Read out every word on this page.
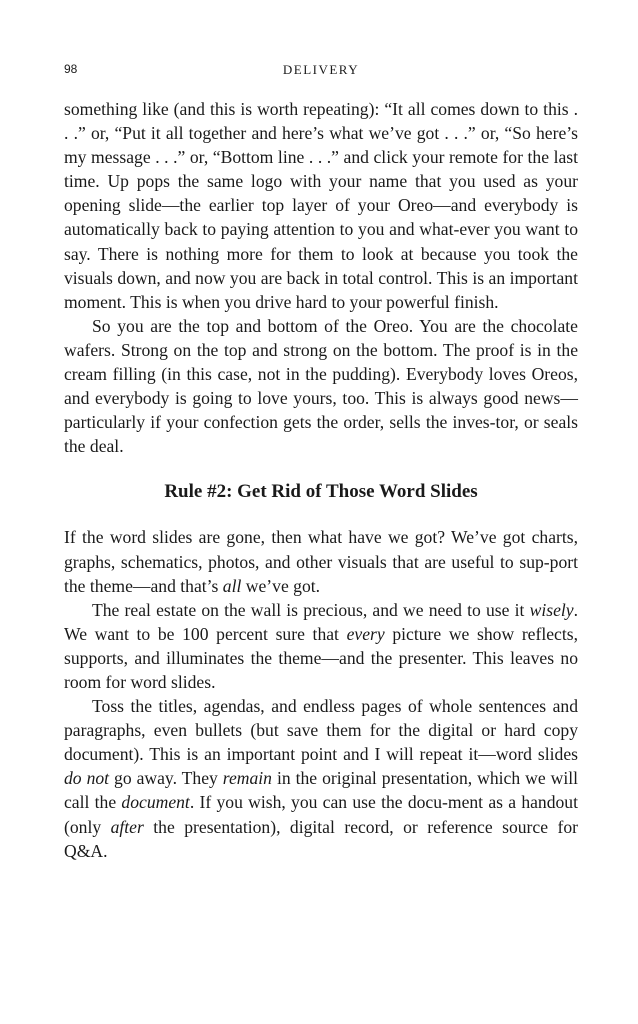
98	DELIVERY

something like (and this is worth repeating): “It all comes down to this . . .” or, “Put it all together and here’s what we’ve got . . .” or, “So here’s my message . . .” or, “Bottom line . . .” and click your remote for the last time. Up pops the same logo with your name that you used as your opening slide—the earlier top layer of your Oreo—and everybody is automatically back to paying attention to you and what-ever you want to say. There is nothing more for them to look at because you took the visuals down, and now you are back in total control. This is an important moment. This is when you drive hard to your powerful finish.

So you are the top and bottom of the Oreo. You are the chocolate wafers. Strong on the top and strong on the bottom. The proof is in the cream filling (in this case, not in the pudding). Everybody loves Oreos, and everybody is going to love yours, too. This is always good news—particularly if your confection gets the order, sells the inves-tor, or seals the deal.

Rule #2: Get Rid of Those Word Slides

If the word slides are gone, then what have we got? We’ve got charts, graphs, schematics, photos, and other visuals that are useful to sup-port the theme—and that’s all we’ve got.

The real estate on the wall is precious, and we need to use it wisely. We want to be 100 percent sure that every picture we show reflects, supports, and illuminates the theme—and the presenter. This leaves no room for word slides.

Toss the titles, agendas, and endless pages of whole sentences and paragraphs, even bullets (but save them for the digital or hard copy document). This is an important point and I will repeat it—word slides do not go away. They remain in the original presentation, which we will call the document. If you wish, you can use the docu-ment as a handout (only after the presentation), digital record, or reference source for Q&A.
